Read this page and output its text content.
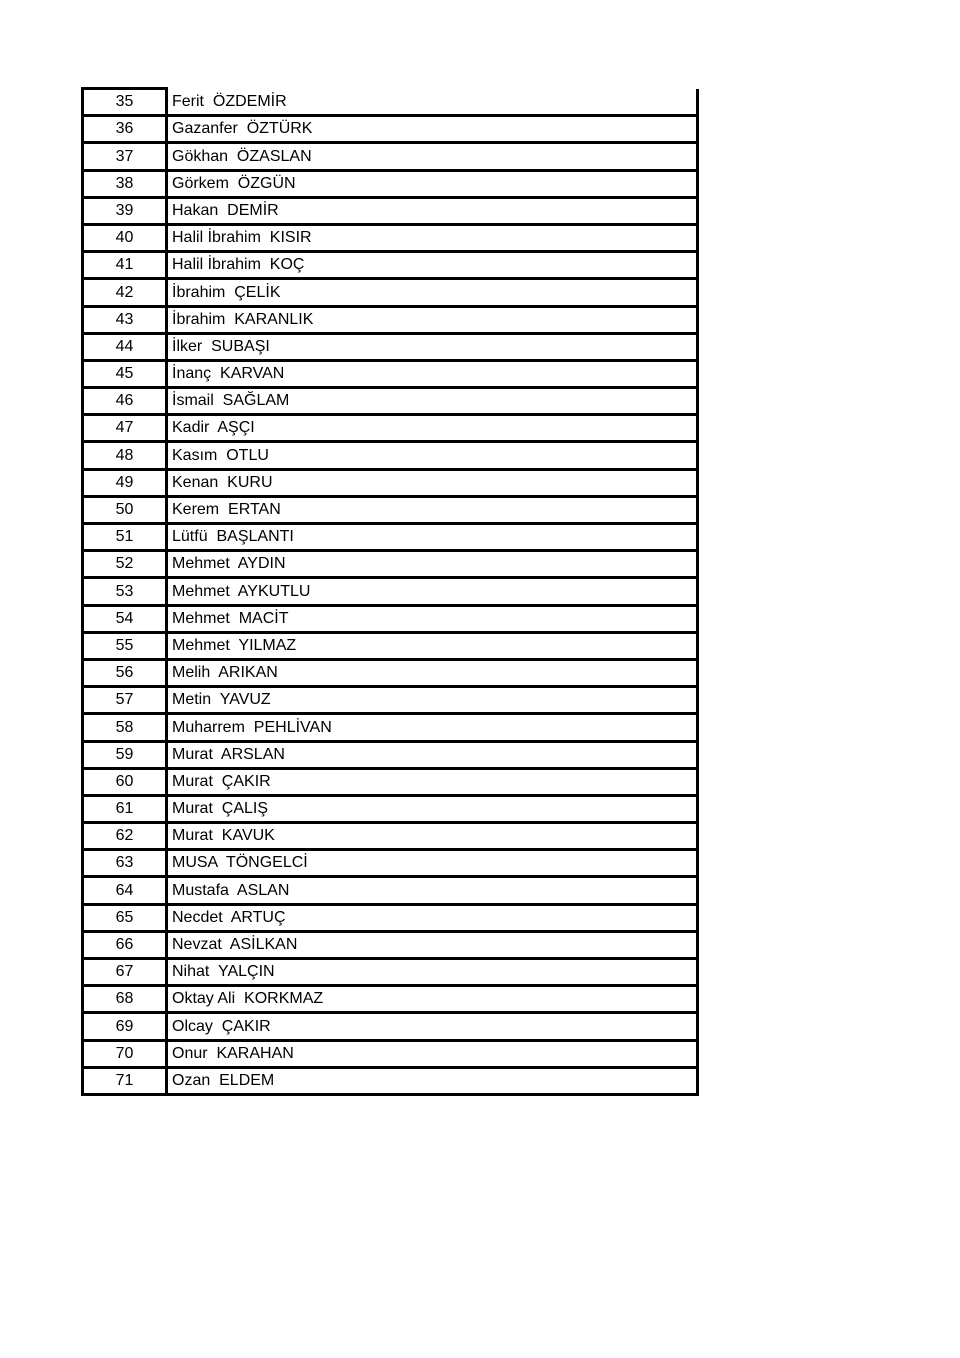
35	Ferit  ÖZDEMİR
36	Gazanfer  ÖZTÜRK
37	Gökhan  ÖZASLAN
38	Görkem  ÖZGÜN
39	Hakan  DEMİR
40	Halil İbrahim  KISIR
41	Halil İbrahim  KOÇ
42	İbrahim  ÇELİK
43	İbrahim  KARANLIK
44	İlker  SUBAŞI
45	İnanç  KARVAN
46	İsmail  SAĞLAM
47	Kadir  AŞÇI
48	Kasım  OTLU
49	Kenan  KURU
50	Kerem  ERTAN
51	Lütfü  BAŞLANTI
52	Mehmet  AYDIN
53	Mehmet  AYKUTLU
54	Mehmet  MACİT
55	Mehmet  YILMAZ
56	Melih  ARIKAN
57	Metin  YAVUZ
58	Muharrem  PEHLİVAN
59	Murat  ARSLAN
60	Murat  ÇAKIR
61	Murat  ÇALIŞ
62	Murat  KAVUK
63	MUSA  TÖNGELCİ
64	Mustafa  ASLAN
65	Necdet  ARTUÇ
66	Nevzat  ASİLKAN
67	Nihat  YALÇIN
68	Oktay Ali  KORKMAZ
69	Olcay  ÇAKIR
70	Onur  KARAHAN
71	Ozan  ELDEM
